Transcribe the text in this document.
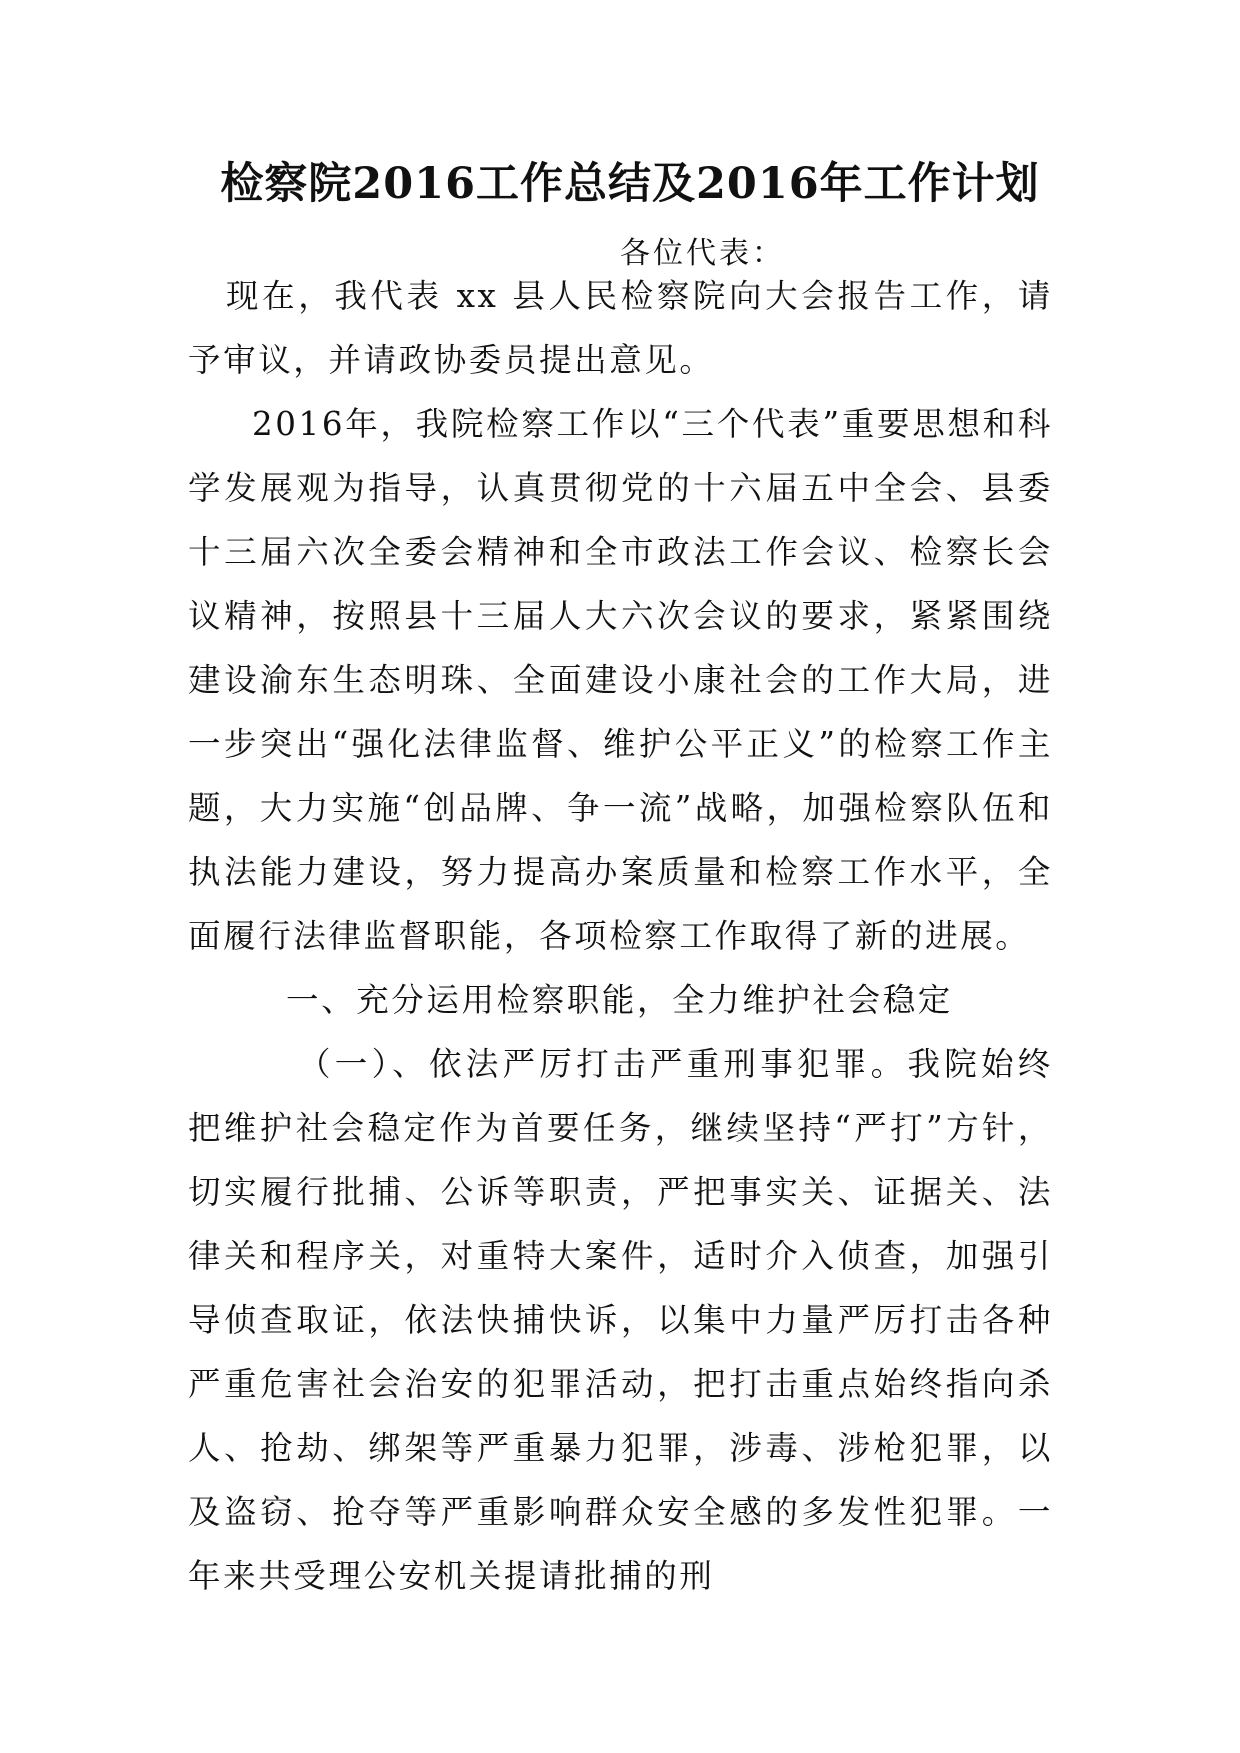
检察院2016工作总结及2016年工作计划
各位代表：

现在，我代表 xx 县人民检察院向大会报告工作，请予审议，并请政协委员提出意见。

2016年，我院检察工作以“三个代表”重要思想和科学发展观为指导，认真贯彻党的十六届五中全会、县委十三届六次全委会精神和全市政法工作会议、检察长会议精神，按照县十三届人大六次会议的要求，紧紧围绕建设渝东生态明珠、全面建设小康社会的工作大局，进一步突出“强化法律监督、维护公平正义”的检察工作主题，大力实施“创品牌、争一流”战略，加强检察队伍和执法能力建设，努力提高办案质量和检察工作水平，全面履行法律监督职能，各项检察工作取得了新的进展。

一、充分运用检察职能，全力维护社会稳定

（一）、依法严厉打击严重刑事犯罪。我院始终把维护社会稳定作为首要任务，继续坚持“严打”方针，切实履行批捕、公诉等职责，严把事实关、证据关、法律关和程序关，对重特大案件，适时介入侦查，加强引导侦查取证，依法快捕快诉，以集中力量严厉打击各种严重危害社会治安的犯罪活动，把打击重点始终指向杀人、抢劫、绑架等严重暴力犯罪，涉毒、涉枪犯罪，以及盗窃、抢夺等严重影响群众安全感的多发性犯罪。一年来共受理公安机关提请批捕的刑
